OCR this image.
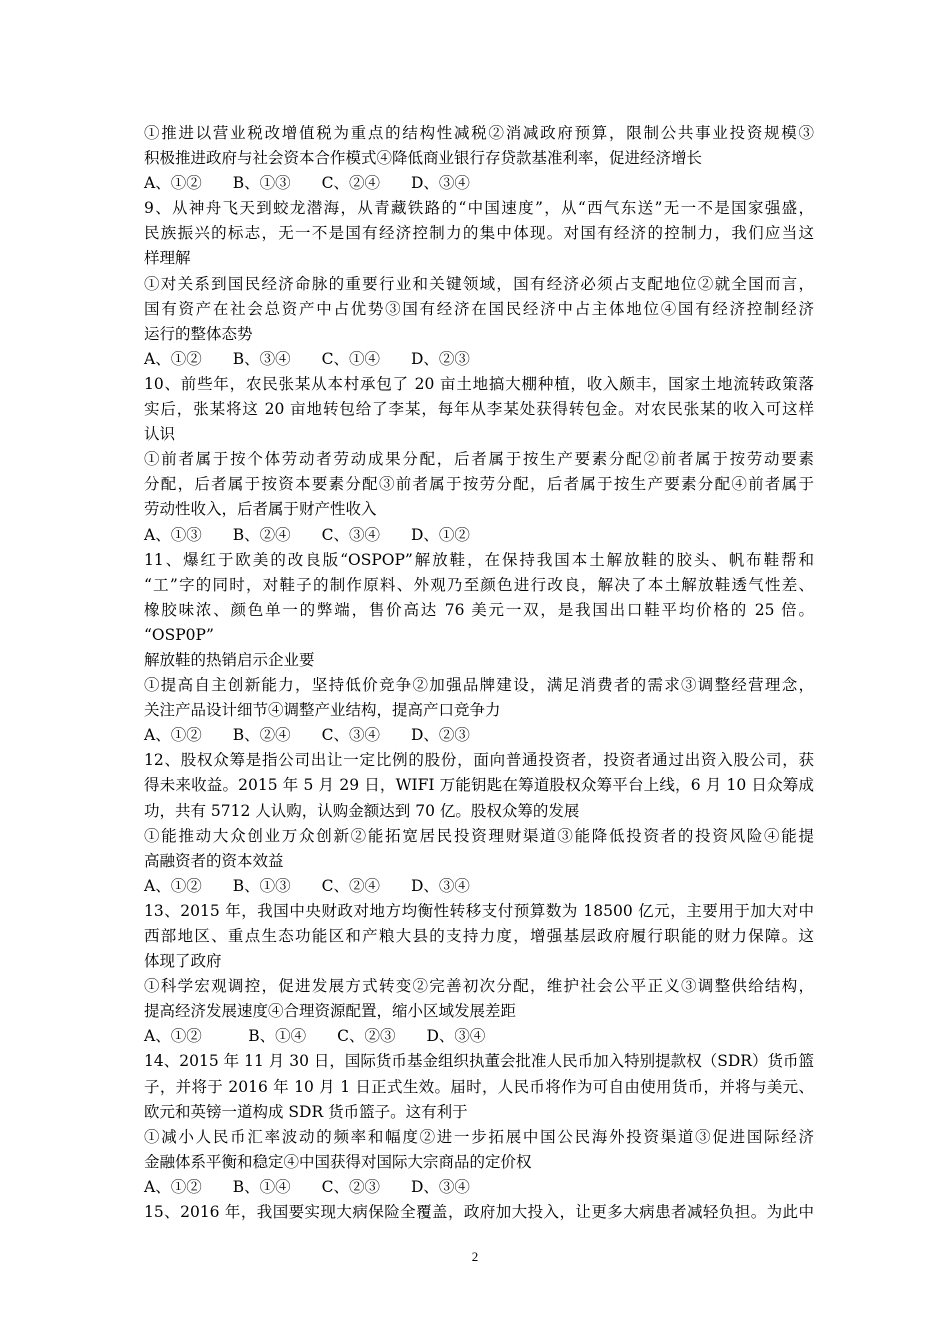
①推进以营业税改增值税为重点的结构性减税②消减政府预算，限制公共事业投资规模③
积极推进政府与社会资本合作模式④降低商业银行存贷款基准利率，促进经济增长
A、①②　　B、①③　　C、②④　　D、③④
9、从神舟飞天到蛟龙潜海，从青藏铁路的“中国速度”，从“西气东送”无一不是国家强盛，
民族振兴的标志，无一不是国有经济控制力的集中体现。对国有经济的控制力，我们应当这
样理解
①对关系到国民经济命脉的重要行业和关键领域，国有经济必须占支配地位②就全国而言，
国有资产在社会总资产中占优势③国有经济在国民经济中占主体地位④国有经济控制经济
运行的整体态势
A、①②　　B、③④　　C、①④　　D、②③
10、前些年，农民张某从本村承包了 20 亩土地搞大棚种植，收入颇丰，国家土地流转政策落
实后，张某将这 20 亩地转包给了李某，每年从李某处获得转包金。对农民张某的收入可这样
认识
①前者属于按个体劳动者劳动成果分配，后者属于按生产要素分配②前者属于按劳动要素
分配，后者属于按资本要素分配③前者属于按劳分配，后者属于按生产要素分配④前者属于
劳动性收入，后者属于财产性收入
A、①③　　B、②④　　C、③④　　D、①②
11、爆红于欧美的改良版“OSPOP”解放鞋，在保持我国本土解放鞋的胶头、帆布鞋帮和
“工”字的同时，对鞋子的制作原料、外观乃至颜色进行改良，解决了本土解放鞋透气性差、
橡胶味浓、颜色单一的弊端，售价高达 76 美元一双，是我国出口鞋平均价格的 25 倍。
“OSP0P”
解放鞋的热销启示企业要
①提高自主创新能力，坚持低价竞争②加强品牌建设，满足消费者的需求③调整经营理念，
关注产品设计细节④调整产业结构，提高产口竞争力
A、①②　　B、②④　　C、③④　　D、②③
12、股权众筹是指公司出让一定比例的股份，面向普通投资者，投资者通过出资入股公司，获
得未来收益。2015 年 5 月 29 日，WIFI 万能钥匙在筹道股权众筹平台上线，6 月 10 日众筹成
功，共有 5712 人认购，认购金额达到 70 亿。股权众筹的发展
①能推动大众创业万众创新②能拓宽居民投资理财渠道③能降低投资者的投资风险④能提
高融资者的资本效益
A、①②　　B、①③　　C、②④　　D、③④
13、2015 年，我国中央财政对地方均衡性转移支付预算数为 18500 亿元，主要用于加大对中
西部地区、重点生态功能区和产粮大县的支持力度，增强基层政府履行职能的财力保障。这
体现了政府
①科学宏观调控，促进发展方式转变②完善初次分配，维护社会公平正义③调整供给结构，
提高经济发展速度④合理资源配置，缩小区域发展差距
A、①②　　　B、①④　　C、②③　　D、③④
14、2015 年 11 月 30 日，国际货币基金组织执董会批准人民币加入特别提款权（SDR）货币篮
子，并将于 2016 年 10 月 1 日正式生效。届时，人民币将作为可自由使用货币，并将与美元、
欧元和英镑一道构成 SDR 货币篮子。这有利于
①减小人民币汇率波动的频率和幅度②进一步拓展中国公民海外投资渠道③促进国际经济
金融体系平衡和稳定④中国获得对国际大宗商品的定价权
A、①②　　B、①④　　C、②③　　D、③④
15、2016 年，我国要实现大病保险全覆盖，政府加大投入，让更多大病患者减轻负担。为此中
2
